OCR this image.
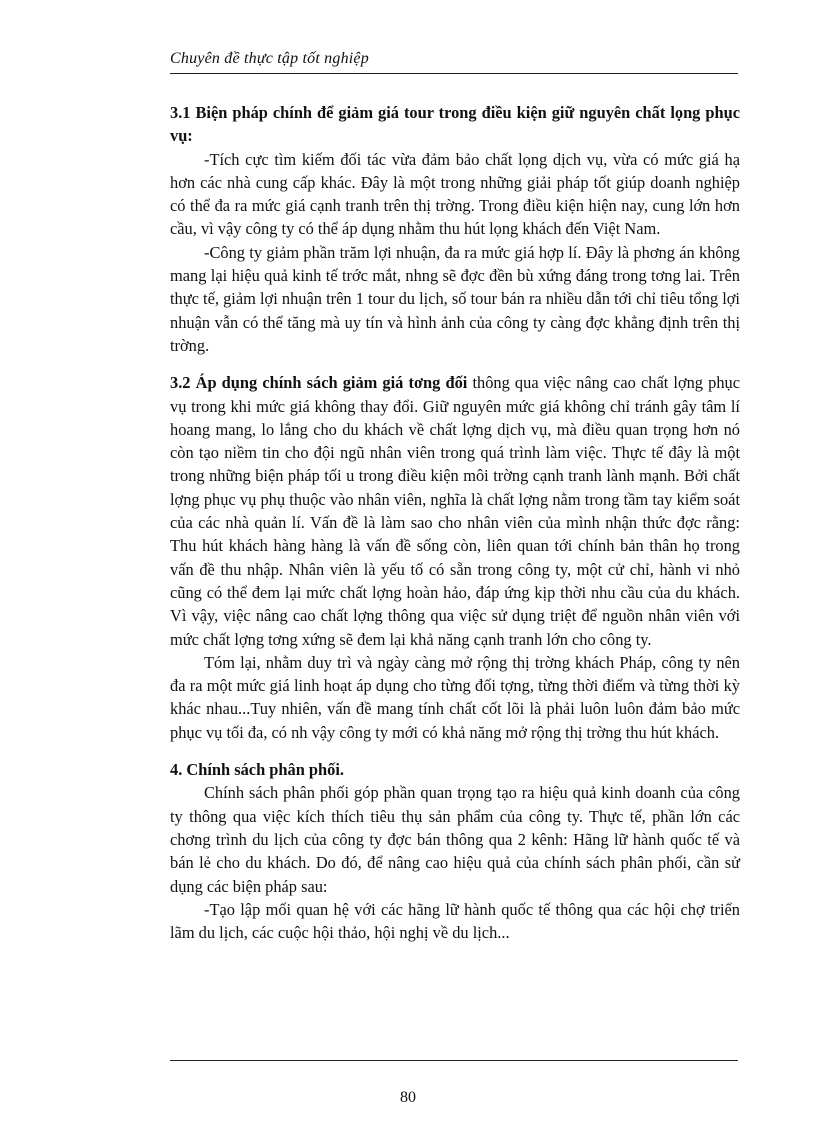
Chuyên đề thực tập tốt nghiệp

3.1 Biện pháp chính để giảm giá tour trong điều kiện giữ nguyên chất lọng phục vụ:

-Tích cực tìm kiếm đối tác vừa đảm bảo chất lọng dịch vụ, vừa có mức giá hạ hơn các nhà cung cấp khác. Đây là một trong những giải pháp tốt giúp doanh nghiệp có thể đa ra mức giá cạnh tranh trên thị trờng. Trong điều kiện hiện nay, cung lớn hơn cầu, vì vậy công ty có thể áp dụng nhằm thu hút lọng khách đến Việt Nam.

-Công ty giảm phần trăm lợi nhuận, đa ra mức giá hợp lí. Đây là phơng án không mang lại hiệu quả kinh tế trớc mắt, nhng sẽ đợc đền bù xứng đáng trong tơng lai. Trên thực tế, giảm lợi nhuận trên 1 tour du lịch, số tour bán ra nhiều dẫn tới chỉ tiêu tổng lợi nhuận vẫn có thể tăng mà uy tín và hình ảnh của công ty càng đợc khẳng định trên thị trờng.

3.2 Áp dụng chính sách giảm giá tơng đối thông qua việc nâng cao chất lợng phục vụ trong khi mức giá không thay đổi. Giữ nguyên mức giá không chỉ tránh gây tâm lí hoang mang, lo lắng cho du khách về chất lợng dịch vụ, mà điều quan trọng hơn nó còn tạo niềm tin cho đội ngũ nhân viên trong quá trình làm việc. Thực tế đây là một trong những biện pháp tối u trong điều kiện môi trờng cạnh tranh lành mạnh. Bởi chất lợng phục vụ phụ thuộc vào nhân viên, nghĩa là chất lợng nằm trong tầm tay kiểm soát của các nhà quản lí. Vấn đề là làm sao cho nhân viên của mình nhận thức đợc rằng: Thu hút khách hàng hàng là vấn đề sống còn, liên quan tới chính bản thân họ trong vấn đề thu nhập. Nhân viên là yếu tố có sẵn trong công ty, một cử chỉ, hành vi nhỏ cũng có thể đem lại mức chất lợng hoàn hảo, đáp ứng kịp thời nhu cầu của du khách. Vì vậy, việc nâng cao chất lợng thông qua việc sử dụng triệt để nguồn nhân viên với mức chất lợng tơng xứng sẽ đem lại khả năng cạnh tranh lớn cho công ty.

Tóm lại, nhằm duy trì và ngày càng mở rộng thị trờng khách Pháp, công ty nên đa ra một mức giá linh hoạt áp dụng cho từng đối tợng, từng thời điểm và từng thời kỳ khác nhau...Tuy nhiên, vấn đề mang tính chất cốt lõi là phải luôn luôn đảm bảo mức phục vụ tối đa, có nh vậy công ty mới có khả năng mở rộng thị trờng thu hút khách.

4. Chính sách phân phối.

Chính sách phân phối góp phần quan trọng tạo ra hiệu quả kinh doanh của công ty thông qua việc kích thích tiêu thụ sản phẩm của công ty. Thực tế, phần lớn các chơng trình du lịch của công ty đợc bán thông qua 2 kênh: Hãng lữ hành quốc tế và bán lẻ cho du khách. Do đó, để nâng cao hiệu quả của chính sách phân phối, cần sử dụng các biện pháp sau:

-Tạo lập mối quan hệ với các hãng lữ hành quốc tế thông qua các hội chợ triển lãm du lịch, các cuộc hội thảo, hội nghị về du lịch...

80
